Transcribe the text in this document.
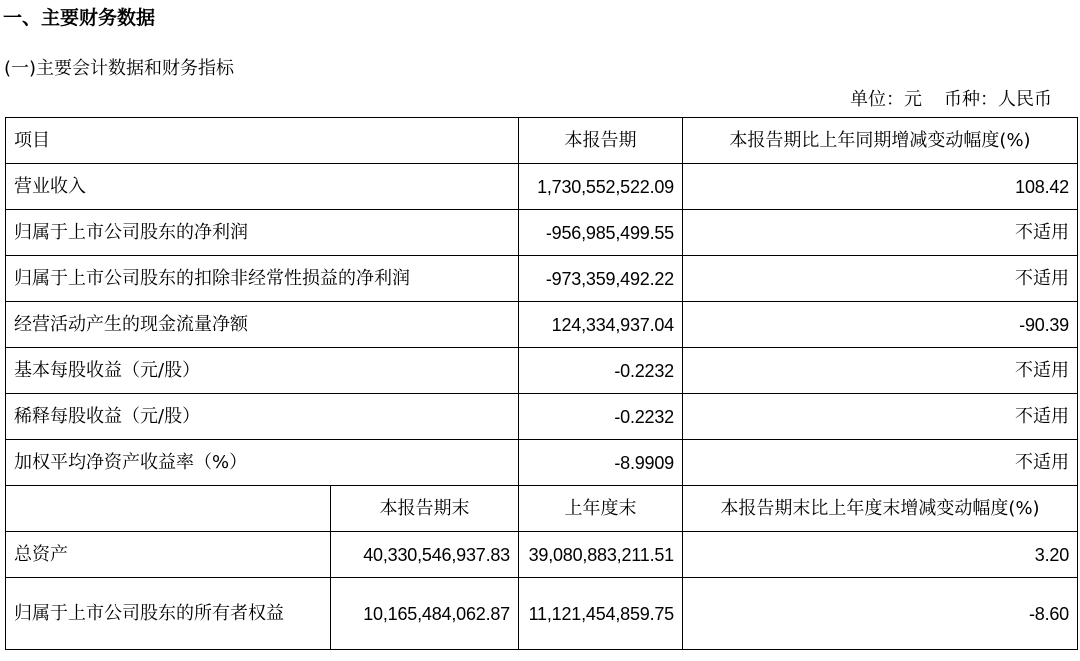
一、主要财务数据
(一)主要会计数据和财务指标
单位：元 币种：人民币
项目		本报告期	本报告期比上年同期增减变动幅度(%)
营业收入		1,730,552,522.09	108.42
归属于上市公司股东的净利润		-956,985,499.55	不适用
归属于上市公司股东的扣除非经常性损益的净利润		-973,359,492.22	不适用
经营活动产生的现金流量净额		124,334,937.04	-90.39
基本每股收益（元/股）		-0.2232	不适用
稀释每股收益（元/股）		-0.2232	不适用
加权平均净资产收益率（%）		-8.9909	不适用
	本报告期末	上年度末	本报告期末比上年度末增减变动幅度(%)
总资产	40,330,546,937.83	39,080,883,211.51	3.20
归属于上市公司股东的所有者权益	10,165,484,062.87	11,121,454,859.75	-8.60
